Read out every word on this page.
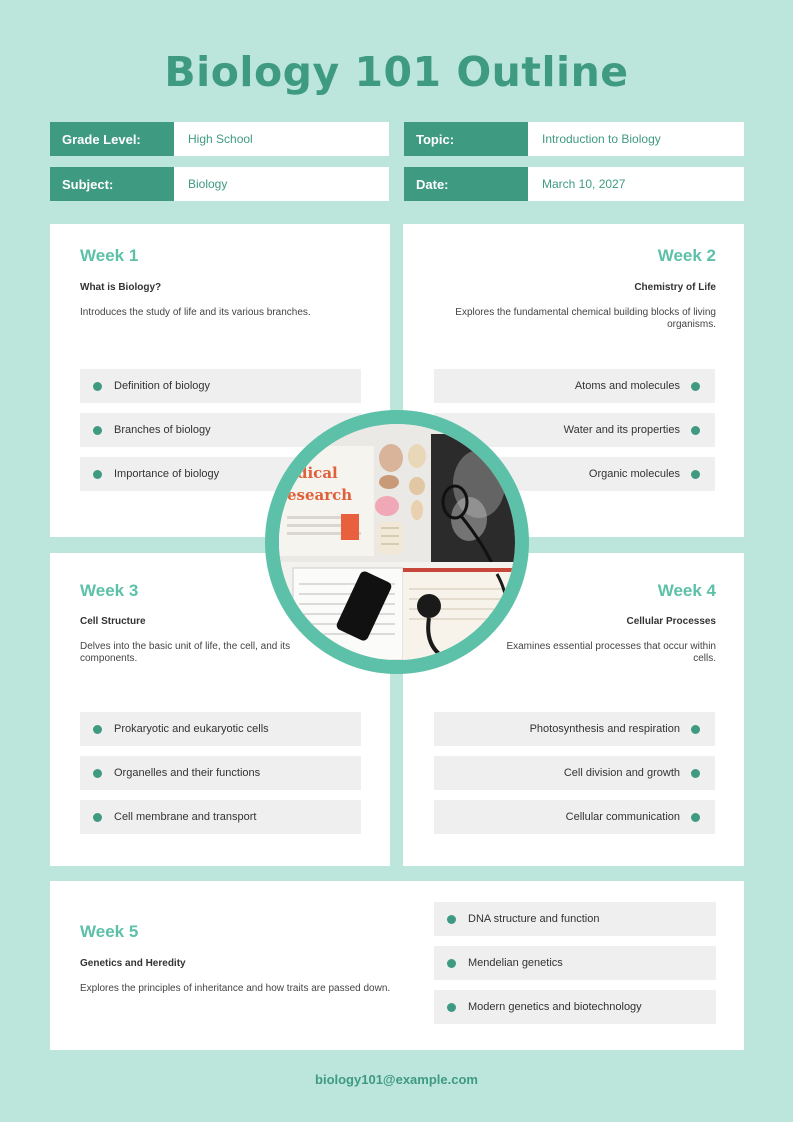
Biology 101 Outline
Grade Level:	High School	Topic:	Introduction to Biology
Subject:	Biology	Date:	March 10, 2027
Week 1
What is Biology?
Introduces the study of life and its various branches.
Definition of biology
Branches of biology
Importance of biology
Week 2
Chemistry of Life
Explores the fundamental chemical building blocks of living organisms.
Atoms and molecules
Water and its properties
Organic molecules
Week 3
Cell Structure
Delves into the basic unit of life, the cell, and its components.
Prokaryotic and eukaryotic cells
Organelles and their functions
Cell membrane and transport
Week 4
Cellular Processes
Examines essential processes that occur within cells.
Photosynthesis and respiration
Cell division and growth
Cellular communication
Week 5
Genetics and Heredity
Explores the principles of inheritance and how traits are passed down.
DNA structure and function
Mendelian genetics
Modern genetics and biotechnology
dical
esearch
biology101@example.com
